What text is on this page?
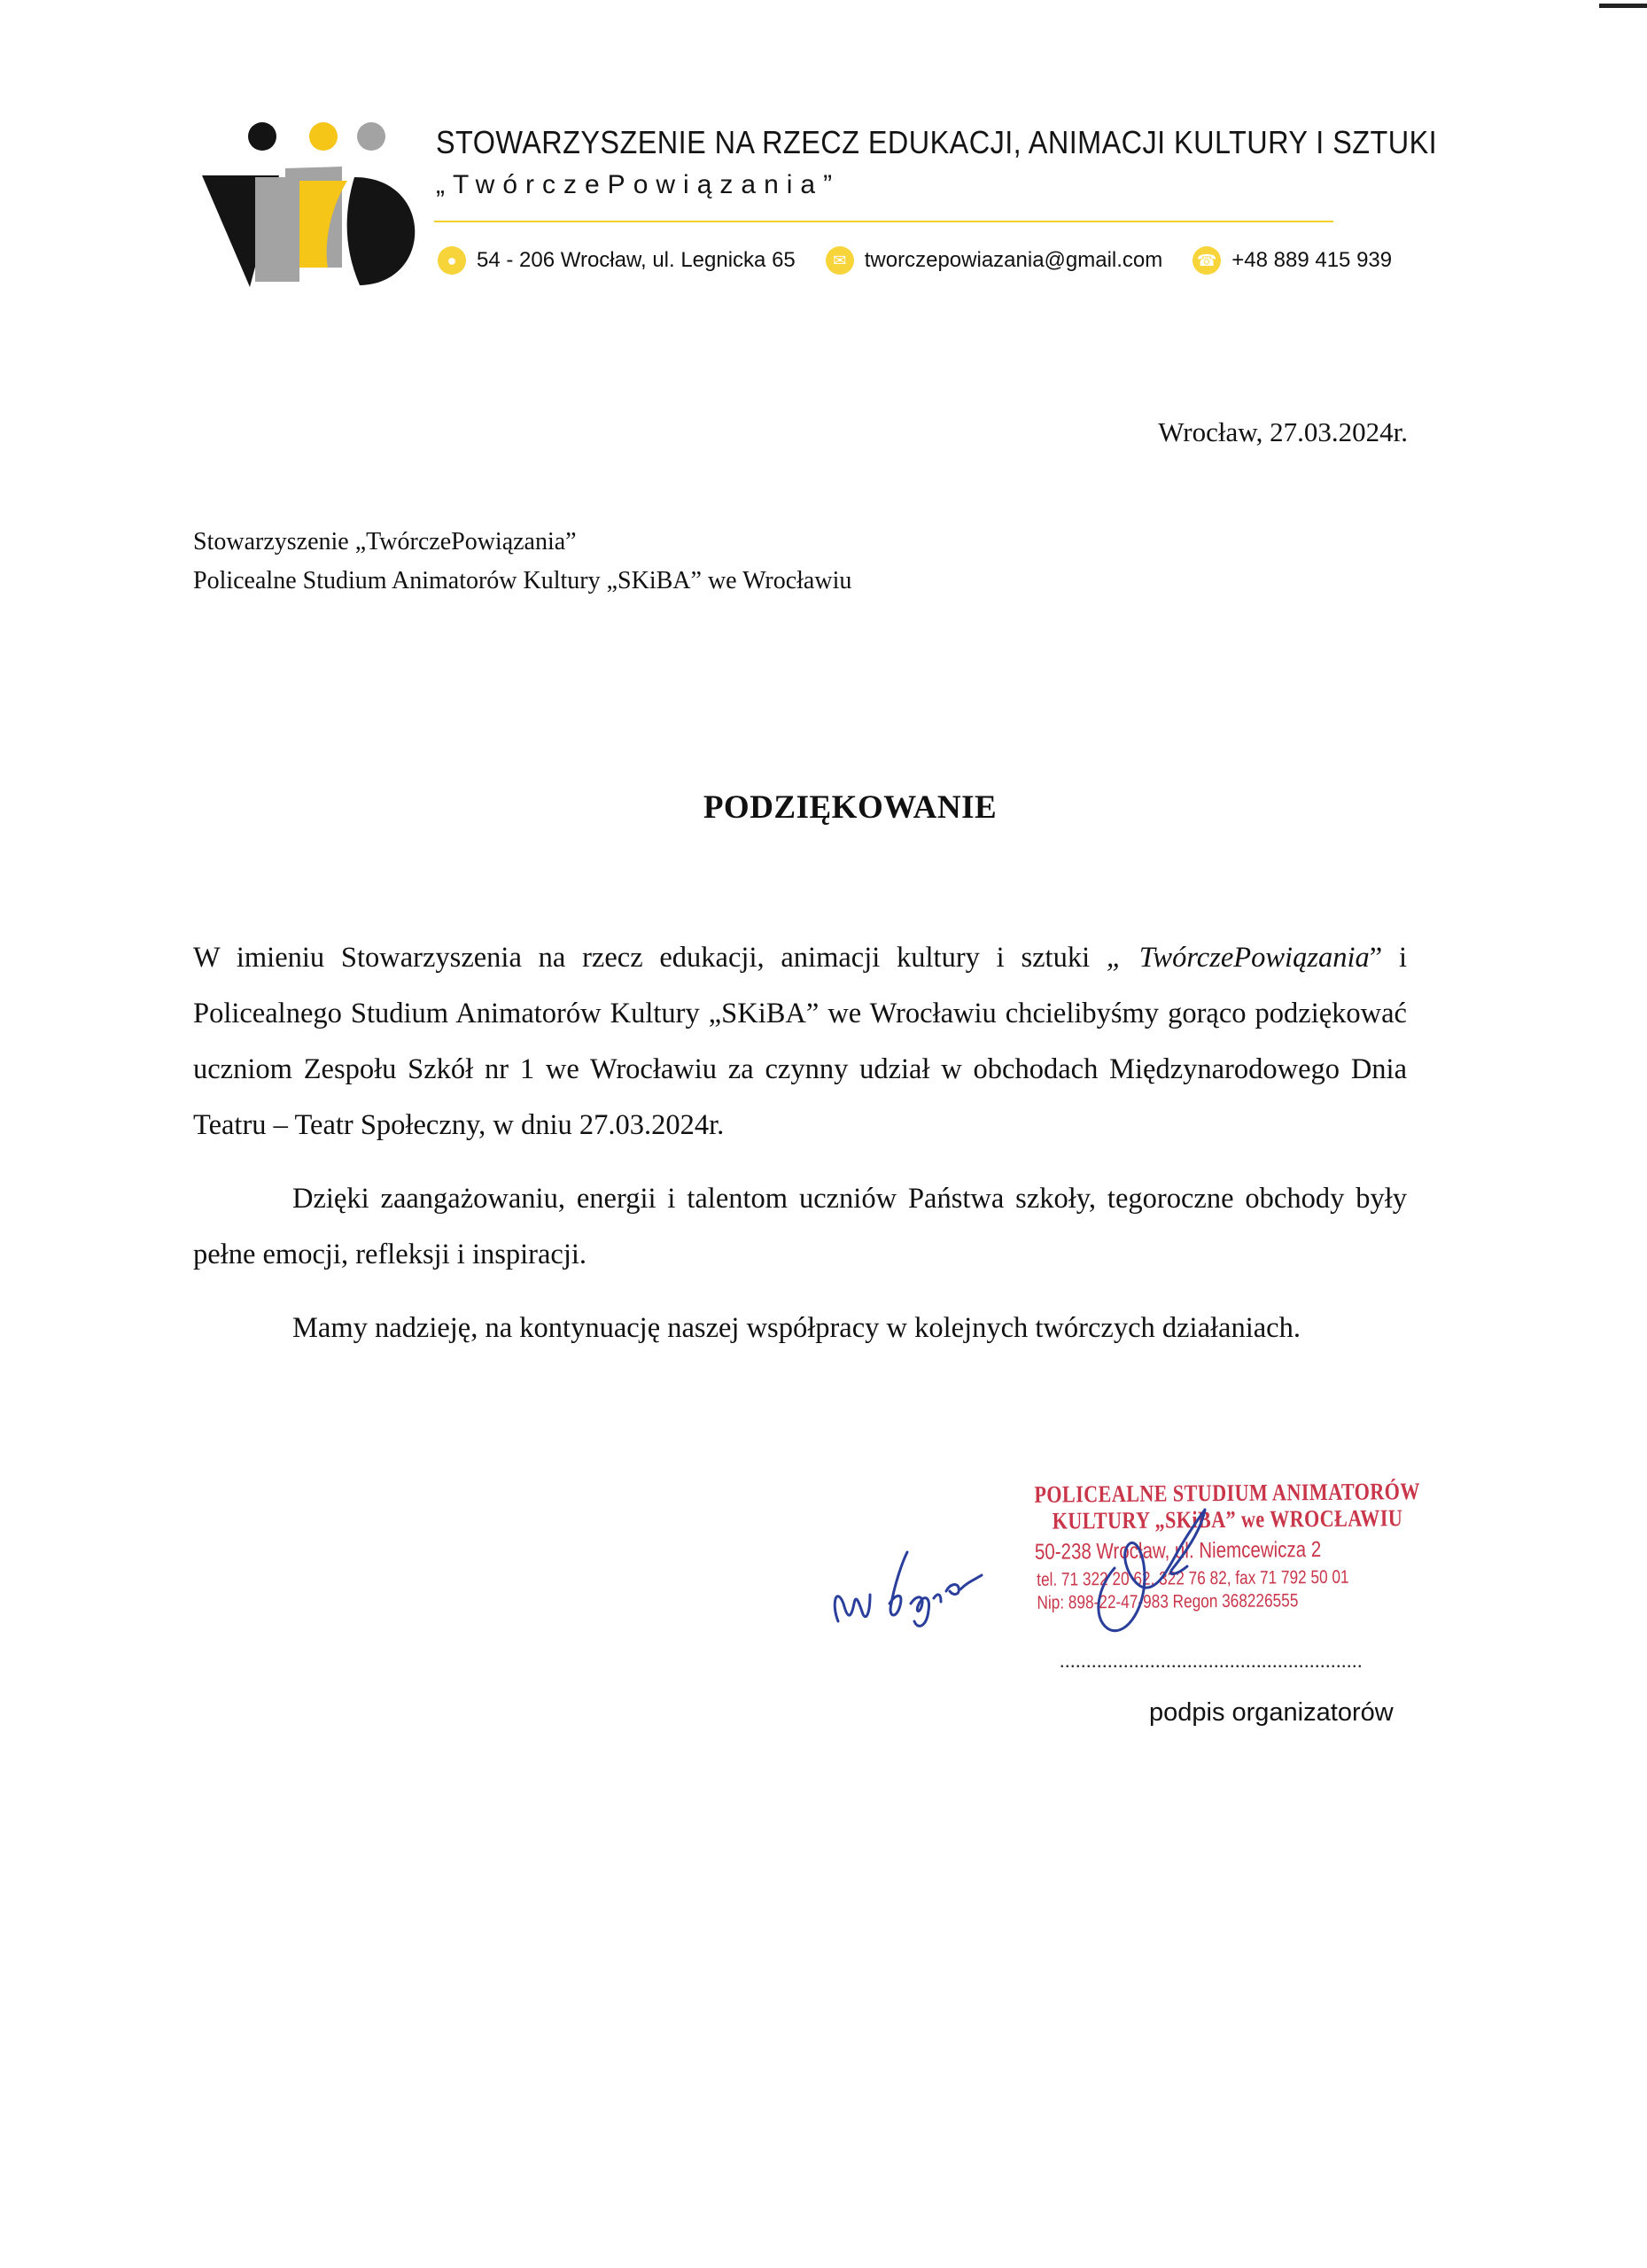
STOWARZYSZENIE NA RZECZ EDUKACJI, ANIMACJI KULTURY I SZTUKI
„TwórczePowiązania”
● 54 - 206 Wrocław, ul. Legnicka 65	✉ tworczepowiazania@gmail.com ☎ +48 889 415 939
Wrocław, 27.03.2024r.
Stowarzyszenie „TwórczePowiązania”
Policealne Studium Animatorów Kultury „SKiBA” we Wrocławiu
PODZIĘKOWANIE

W imieniu Stowarzyszenia na rzecz edukacji, animacji kultury i sztuki „ TwórczePowiązania” i Policealnego Studium Animatorów Kultury „SKiBA” we Wrocławiu chcielibyśmy gorąco podziękować uczniom Zespołu Szkół nr 1 we Wrocławiu za czynny udział w obchodach Międzynarodowego Dnia Teatru – Teatr Społeczny, w dniu 27.03.2024r.

Dzięki zaangażowaniu, energii i talentom uczniów Państwa szkoły, tegoroczne obchody były pełne emocji, refleksji i inspiracji.

Mamy nadzieję, na kontynuację naszej współpracy w kolejnych twórczych działaniach.

POLICEALNE STUDIUM ANIMATORÓW
KULTURY „SKiBA” we WROCŁAWIU
50-238 Wrocław, ul. Niemcewicza 2
tel. 71 322 20 62, 322 76 82, fax 71 792 50 01
Nip: 898-22-47-983 Regon 368226555
.........................................................
podpis organizatorów
